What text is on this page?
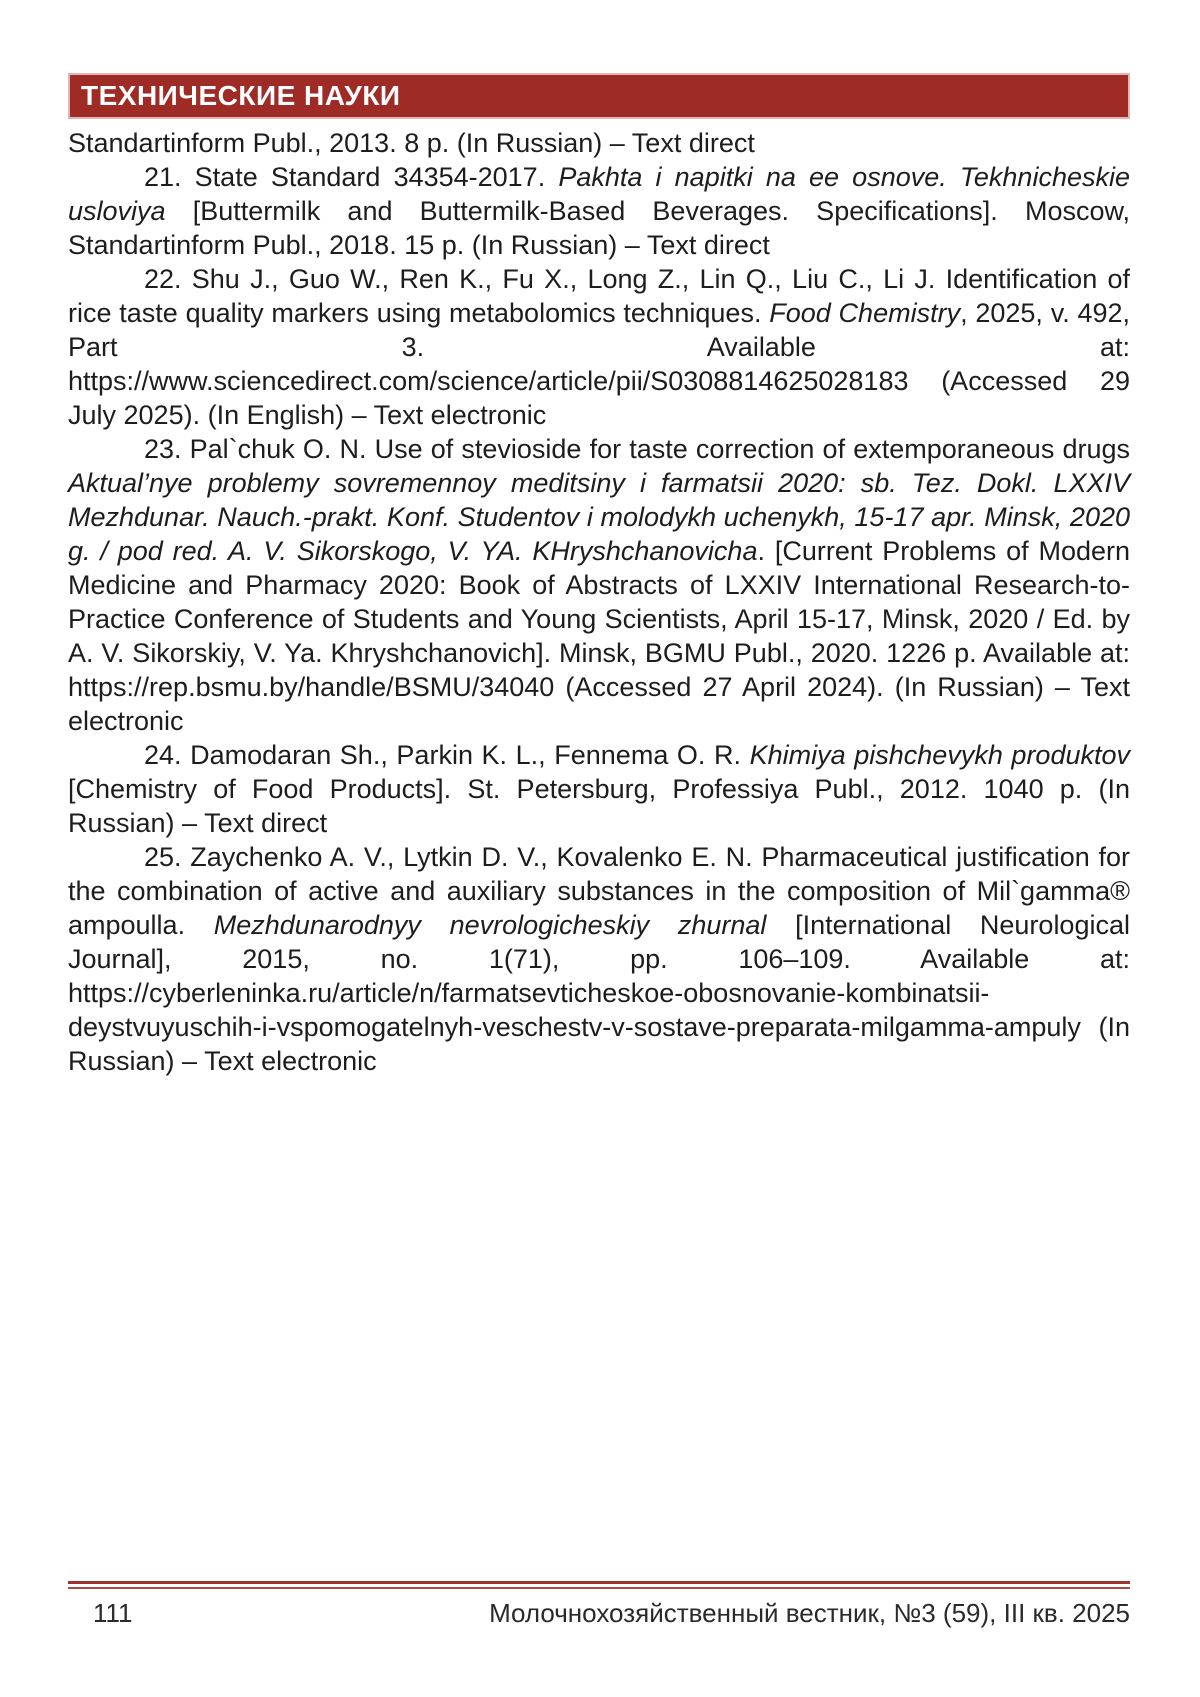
ТЕХНИЧЕСКИЕ НАУКИ

Standartinform Publ., 2013. 8 p. (In Russian) – Text direct

21. State Standard 34354-2017. Pakhta i napitki na ee osnove. Tekhnicheskie usloviya [Buttermilk and Buttermilk-Based Beverages. Specifications]. Moscow, Standartinform Publ., 2018. 15 p. (In Russian) – Text direct

22. Shu J., Guo W., Ren K., Fu X., Long Z., Lin Q., Liu C., Li J. Identification of rice taste quality markers using metabolomics techniques. Food Chemistry, 2025, v. 492, Part 3. Available at: https://www.sciencedirect.com/science/article/pii/S0308814625028183 (Accessed 29 July 2025). (In English) – Text electronic

23. Pal`chuk O. N. Use of stevioside for taste correction of extemporaneous drugs Aktual’nye problemy sovremennoy meditsiny i farmatsii 2020: sb. Tez. Dokl. LXXIV Mezhdunar. Nauch.-prakt. Konf. Studentov i molodykh uchenykh, 15-17 apr. Minsk, 2020 g. / pod red. A. V. Sikorskogo, V. YA. KHryshchanovicha. [Current Problems of Modern Medicine and Pharmacy 2020: Book of Abstracts of LXXIV International Research-to-Practice Conference of Students and Young Scientists, April 15-17, Minsk, 2020 / Ed. by A. V. Sikorskiy, V. Ya. Khryshchanovich]. Minsk, BGMU Publ., 2020. 1226 p. Available at: https://rep.bsmu.by/handle/BSMU/34040 (Accessed 27 April 2024). (In Russian) – Text electronic

24. Damodaran Sh., Parkin K. L., Fennema O. R. Khimiya pishchevykh produktov [Chemistry of Food Products]. St. Petersburg, Professiya Publ., 2012. 1040 p. (In Russian) – Text direct

25. Zaychenko A. V., Lytkin D. V., Kovalenko E. N. Pharmaceutical justification for the combination of active and auxiliary substances in the composition of Mil`gamma® ampoulla. Mezhdunarodnyy nevrologicheskiy zhurnal [International Neurological Journal], 2015, no. 1(71), pp. 106–109. Available at: https://cyberleninka.ru/article/n/farmatsevticheskoe-obosnovanie-kombinatsii-deystvuyuschih-i-vspomogatelnyh-veschestv-v-sostave-preparata-milgamma-ampuly (In Russian) – Text electronic

111	Молочнохозяйственный вестник, №3 (59), III кв. 2025
